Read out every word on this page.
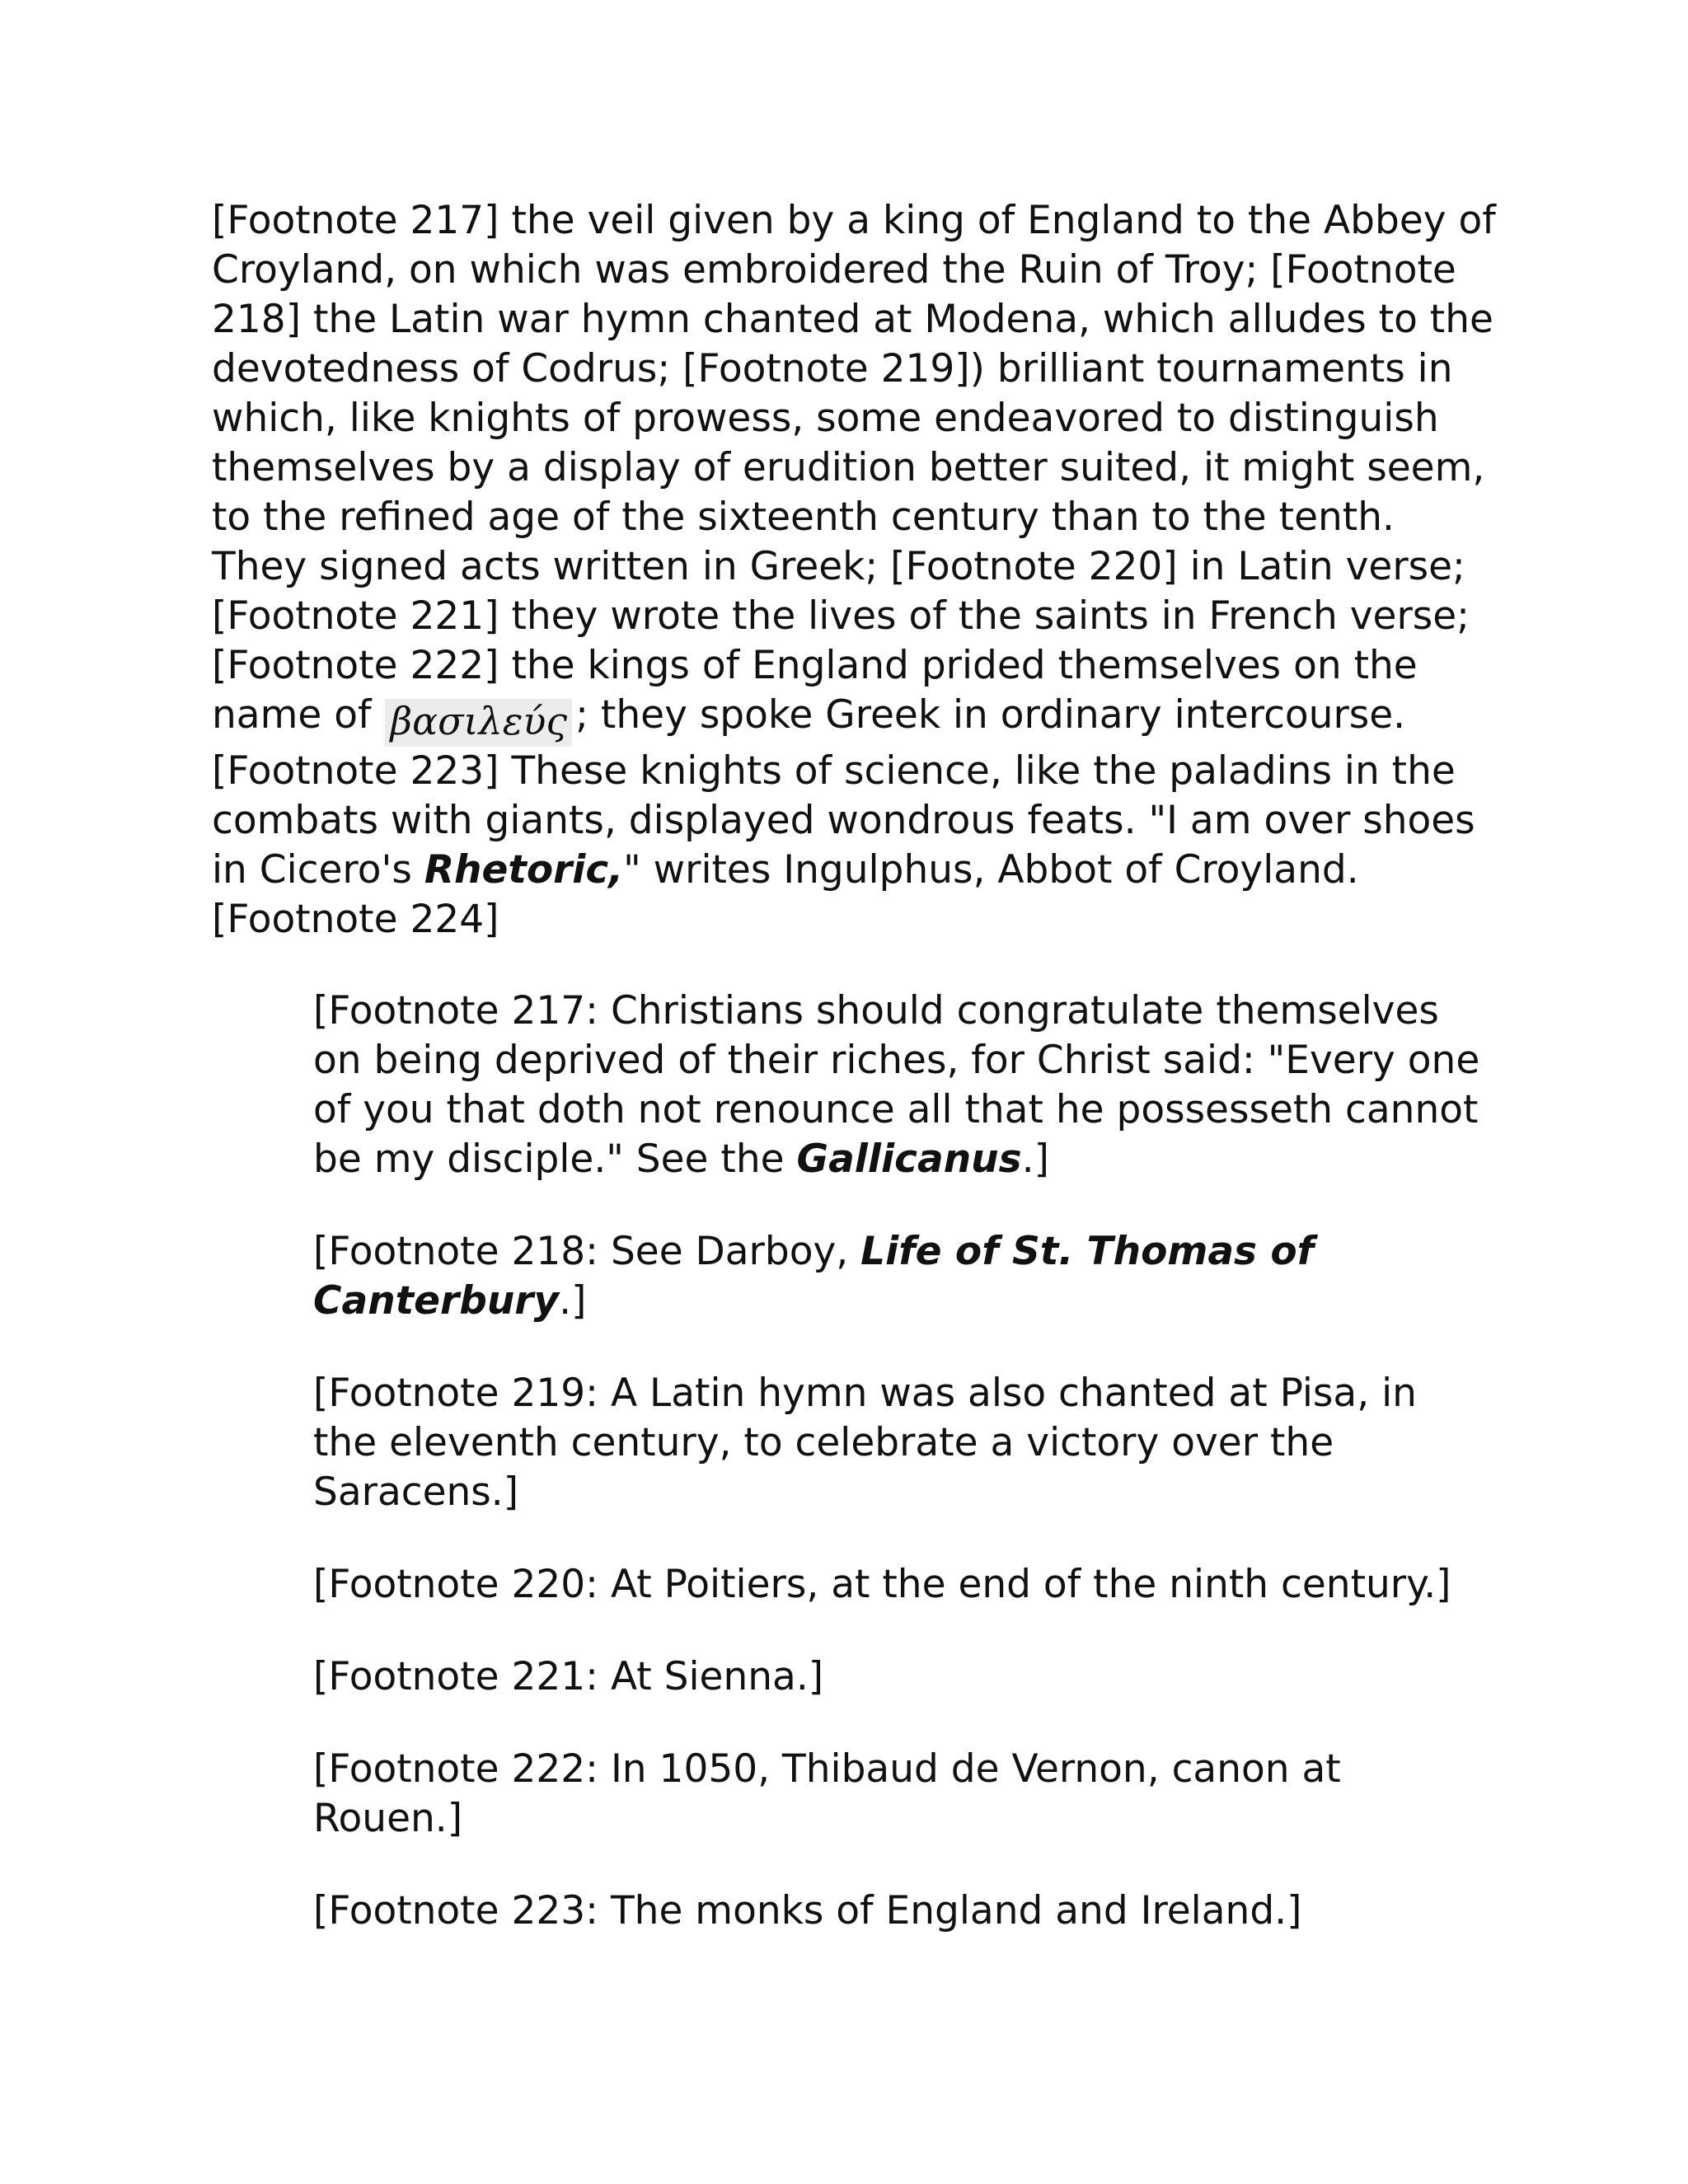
[Footnote 217] the veil given by a king of England to the Abbey of Croyland, on which was embroidered the Ruin of Troy; [Footnote 218] the Latin war hymn chanted at Modena, which alludes to the devotedness of Codrus; [Footnote 219]) brilliant tournaments in which, like knights of prowess, some endeavored to distinguish themselves by a display of erudition better suited, it might seem, to the refined age of the sixteenth century than to the tenth. They signed acts written in Greek; [Footnote 220] in Latin verse; [Footnote 221] they wrote the lives of the saints in French verse; [Footnote 222] the kings of England prided themselves on the name of βασιλεύς ; they spoke Greek in ordinary intercourse. [Footnote 223] These knights of science, like the paladins in the combats with giants, displayed wondrous feats. "I am over shoes in Cicero's Rhetoric," writes Ingulphus, Abbot of Croyland. [Footnote 224]

[Footnote 217: Christians should congratulate themselves on being deprived of their riches, for Christ said: "Every one of you that doth not renounce all that he possesseth cannot be my disciple." See the Gallicanus.]

[Footnote 218: See Darboy, Life of St. Thomas of Canterbury.]

[Footnote 219: A Latin hymn was also chanted at Pisa, in the eleventh century, to celebrate a victory over the Saracens.]

[Footnote 220: At Poitiers, at the end of the ninth century.]

[Footnote 221: At Sienna.]

[Footnote 222: In 1050, Thibaud de Vernon, canon at Rouen.]

[Footnote 223: The monks of England and Ireland.]
